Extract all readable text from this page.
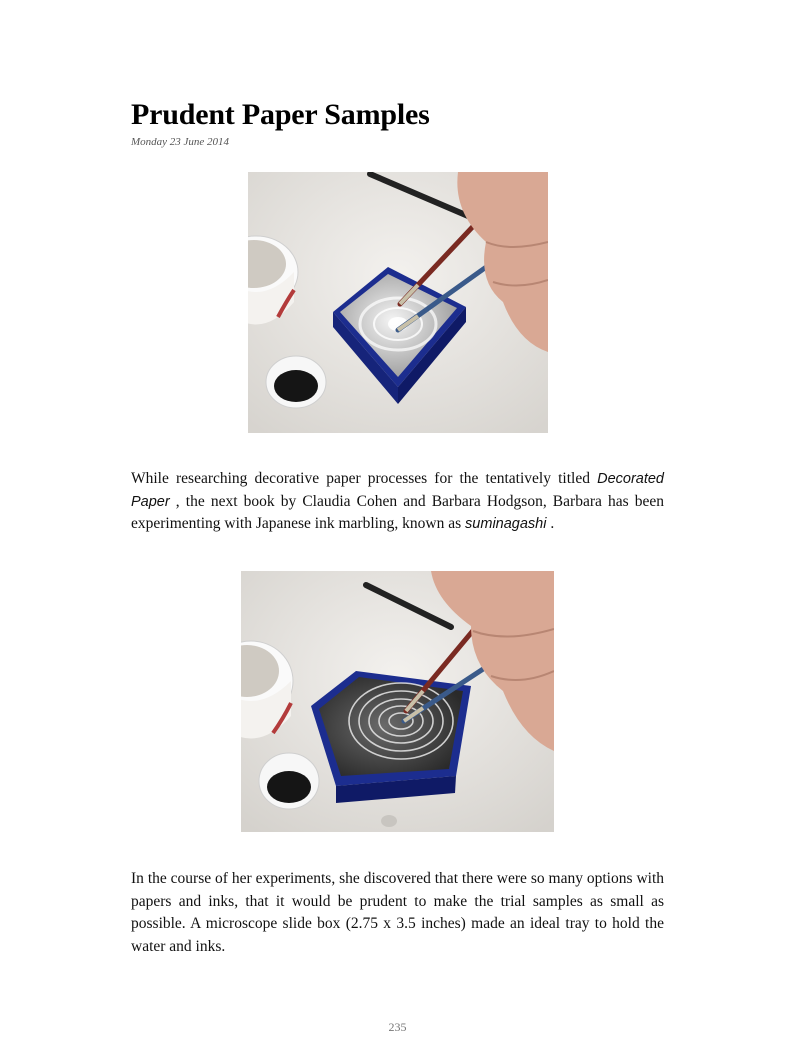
Prudent Paper Samples
Monday 23 June 2014

While researching decorative paper processes for the tentatively titled Decorated Paper , the next book by Claudia Cohen and Barbara Hodgson, Barbara has been experimenting with Japanese ink marbling, known as suminagashi .

In the course of her experiments, she discovered that there were so many options with papers and inks, that it would be prudent to make the trial samples as small as possible. A microscope slide box (2.75 x 3.5 inches) made an ideal tray to hold the water and inks.

235
